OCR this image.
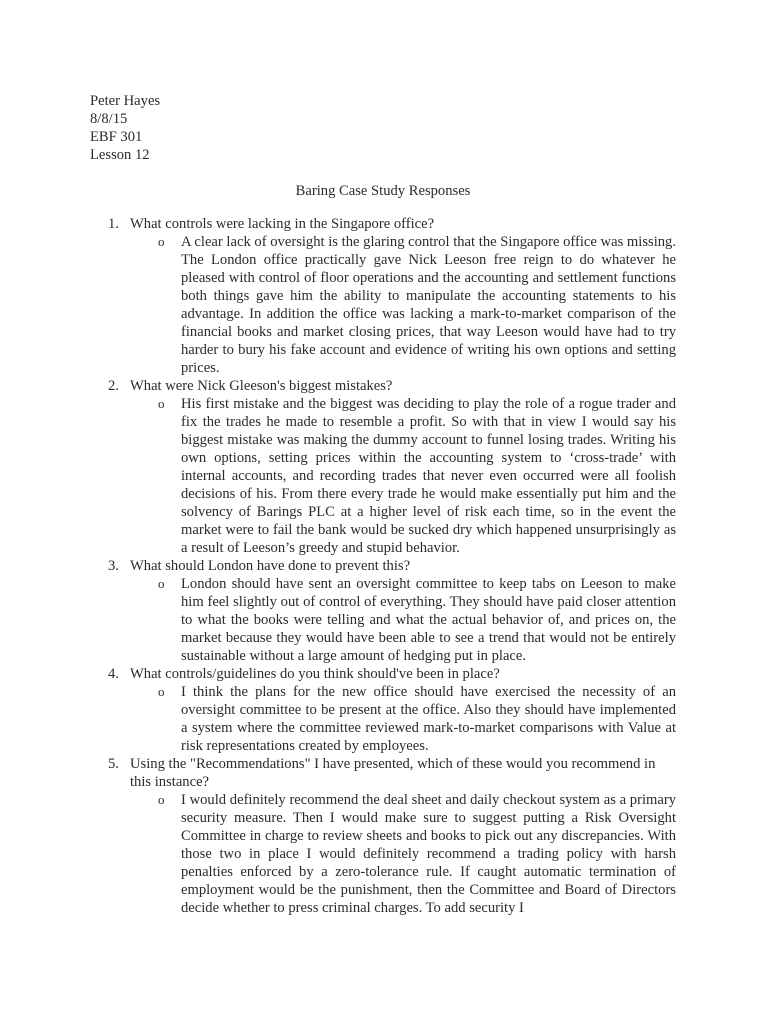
Peter Hayes
8/8/15
EBF 301
Lesson 12
Baring Case Study Responses
1. What controls were lacking in the Singapore office?
o A clear lack of oversight is the glaring control that the Singapore office was missing. The London office practically gave Nick Leeson free reign to do whatever he pleased with control of floor operations and the accounting and settlement functions both things gave him the ability to manipulate the accounting statements to his advantage. In addition the office was lacking a mark-to-market comparison of the financial books and market closing prices, that way Leeson would have had to try harder to bury his fake account and evidence of writing his own options and setting prices.
2. What were Nick Gleeson's biggest mistakes?
o His first mistake and the biggest was deciding to play the role of a rogue trader and fix the trades he made to resemble a profit. So with that in view I would say his biggest mistake was making the dummy account to funnel losing trades. Writing his own options, setting prices within the accounting system to ‘cross-trade’ with internal accounts, and recording trades that never even occurred were all foolish decisions of his. From there every trade he would make essentially put him and the solvency of Barings PLC at a higher level of risk each time, so in the event the market were to fail the bank would be sucked dry which happened unsurprisingly as a result of Leeson’s greedy and stupid behavior.
3. What should London have done to prevent this?
o London should have sent an oversight committee to keep tabs on Leeson to make him feel slightly out of control of everything. They should have paid closer attention to what the books were telling and what the actual behavior of, and prices on, the market because they would have been able to see a trend that would not be entirely sustainable without a large amount of hedging put in place.
4. What controls/guidelines do you think should've been in place?
o I think the plans for the new office should have exercised the necessity of an oversight committee to be present at the office. Also they should have implemented a system where the committee reviewed mark-to-market comparisons with Value at risk representations created by employees.
5. Using the "Recommendations" I have presented, which of these would you recommend in this instance?
o I would definitely recommend the deal sheet and daily checkout system as a primary security measure. Then I would make sure to suggest putting a Risk Oversight Committee in charge to review sheets and books to pick out any discrepancies. With those two in place I would definitely recommend a trading policy with harsh penalties enforced by a zero-tolerance rule. If caught automatic termination of employment would be the punishment, then the Committee and Board of Directors decide whether to press criminal charges. To add security I
